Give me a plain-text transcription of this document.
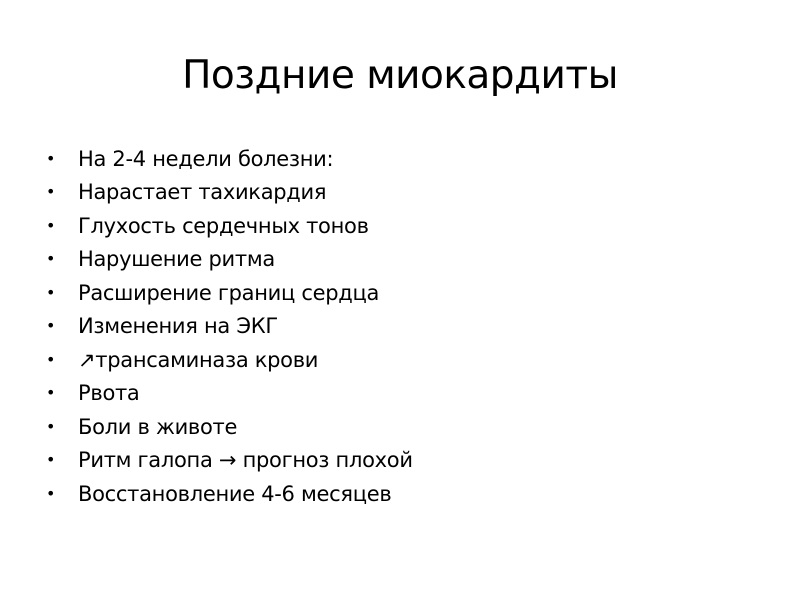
Поздние миокардиты
•	На 2-4 недели болезни:
•	Нарастает тахикардия
•	Глухость сердечных тонов
•	Нарушение ритма
•	Расширение границ сердца
•	Изменения на ЭКГ
•	↗трансаминаза крови
•	Рвота
•	Боли в животе
•	Ритм галопа → прогноз плохой
•	Восстановление 4-6 месяцев
